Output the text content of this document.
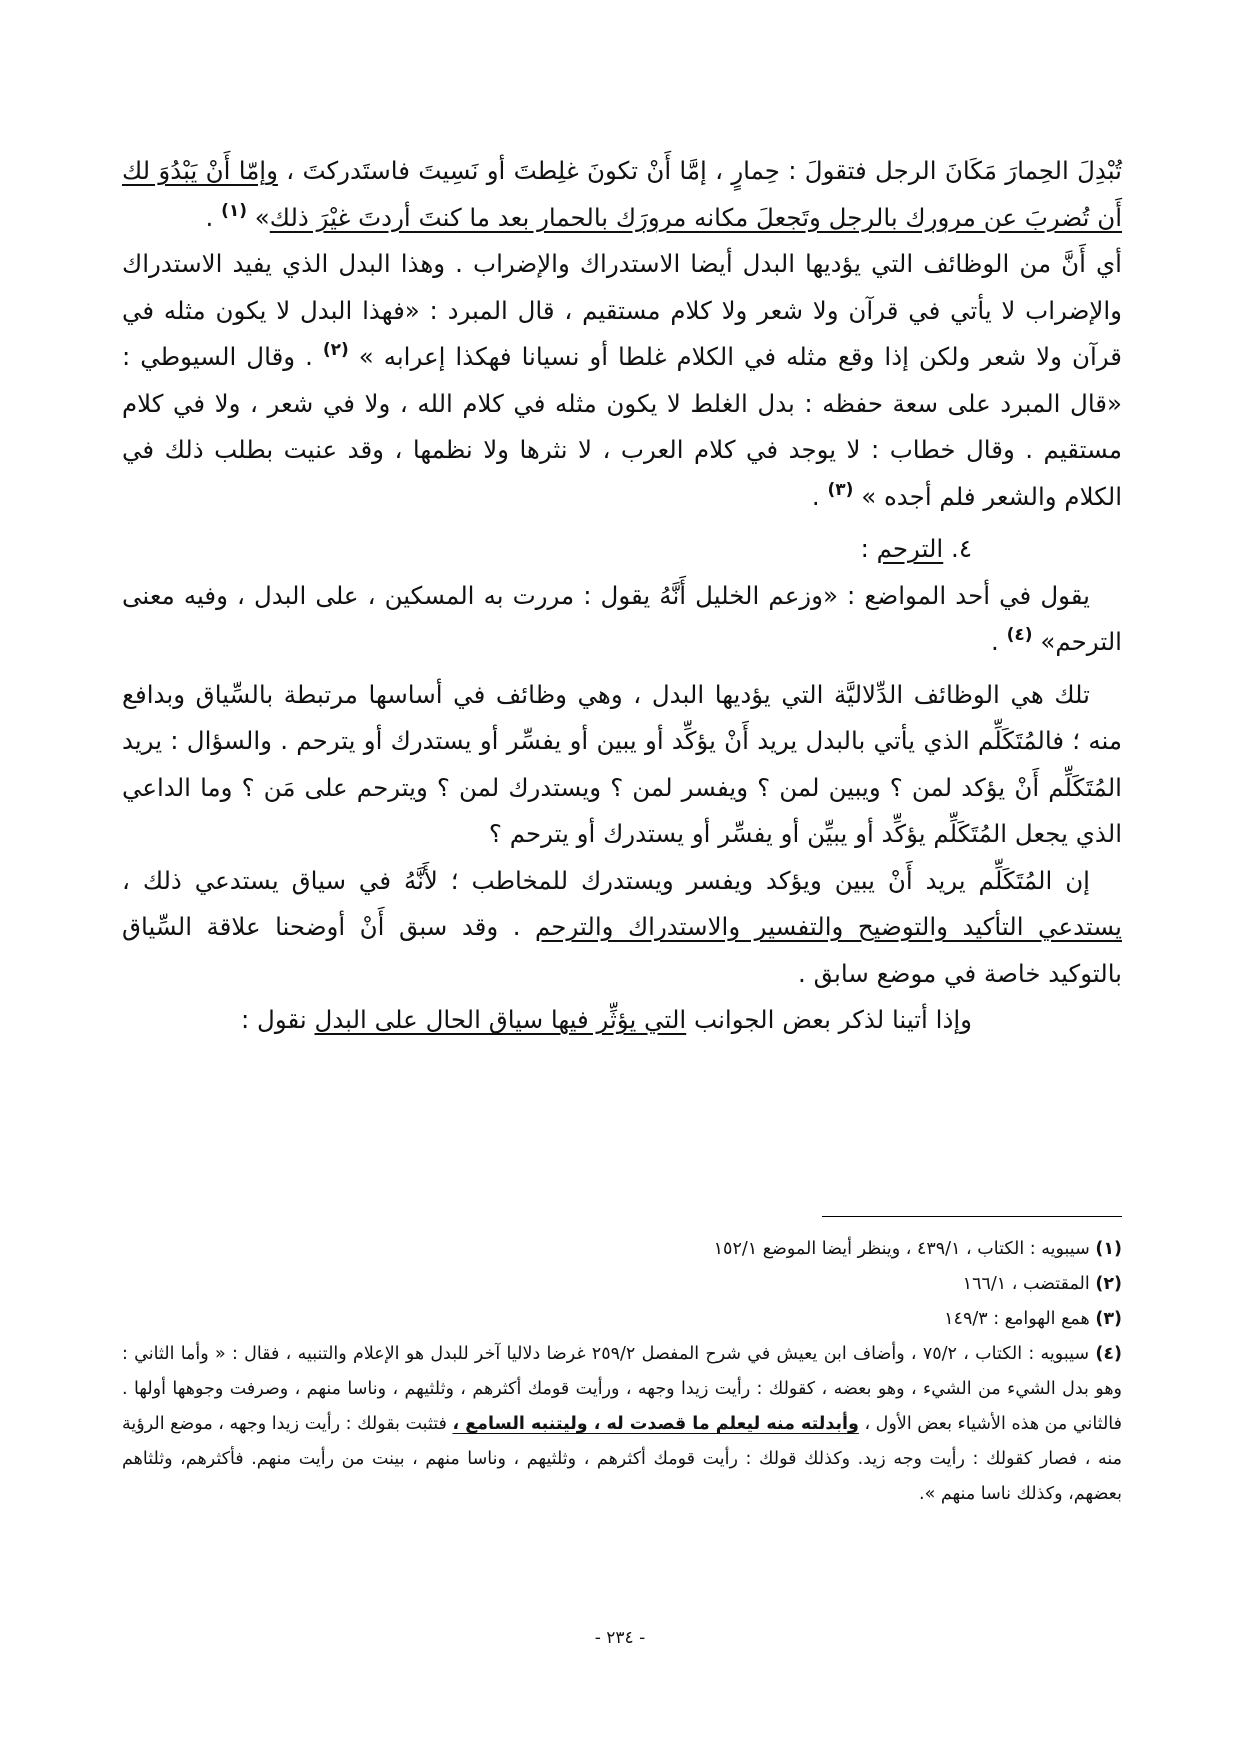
تُبْدِلَ الحِمارَ مَكَانَ الرجل فتقولَ : حِمارٍ ، إمَّا أَنْ تكونَ غلِطتَ أو نَسِيتَ فاستَدركتَ ، وإمّا أَنْ يَبْدُوَ لك أَن تُضربَ عن مرورك بالرجل وتَجعلَ مكانه مرورَك بالحمار بعد ما كنتَ أردتَ غيْرَ ذلك» $^{(١)}$ .

أي أَنَّ من الوظائف التي يؤديها البدل أيضا الاستدراك والإضراب . وهذا البدل الذي يفيد الاستدراك والإضراب لا يأتي في قرآن ولا شعر ولا كلام مستقيم ، قال المبرد : «فهذا البدل لا يكون مثله في قرآن ولا شعر ولكن إذا وقع مثله في الكلام غلطا أو نسيانا فهكذا إعرابه » $^{(٢)}$ . وقال السيوطي : «قال المبرد على سعة حفظه : بدل الغلط لا يكون مثله في كلام الله ، ولا في شعر ، ولا في كلام مستقيم . وقال خطاب : لا يوجد في كلام العرب ، لا نثرها ولا نظمها ، وقد عنيت بطلب ذلك في الكلام والشعر فلم أجده » $^{(٣)}$ .

٤. الترحم :

يقول في أحد المواضع : «وزعم الخليل أَنَّهُ يقول : مررت به المسكين ، على البدل ، وفيه معنى الترحم» $^{(٤)}$ .

تلك هي الوظائف الدِّلاليَّة التي يؤديها البدل ، وهي وظائف في أساسها مرتبطة بالسِّياق وبدافع منه ؛ فالمُتَكَلِّم الذي يأتي بالبدل يريد أَنْ يؤكِّد أو يبين أو يفسِّر أو يستدرك أو يترحم . والسؤال : يريد المُتَكَلِّم أَنْ يؤكد لمن ؟ ويبين لمن ؟ ويفسر لمن ؟ ويستدرك لمن ؟ ويترحم على مَن ؟ وما الداعي الذي يجعل المُتَكَلِّم يؤكِّد أو يبيِّن أو يفسِّر أو يستدرك أو يترحم ؟

إن المُتَكَلِّم يريد أَنْ يبين ويؤكد ويفسر ويستدرك للمخاطب ؛ لأَنَّهُ في سياق يستدعي ذلك ، يستدعي التأكيد والتوضيح والتفسير والاستدراك والترحم . وقد سبق أَنْ أوضحنا علاقة السِّياق بالتوكيد خاصة في موضع سابق .

وإذا أتينا لذكر بعض الجوانب التي يؤثِّر فيها سياق الحال على البدل نقول :

(١) سيبويه : الكتاب ، ٤٣٩/١ ، وينظر أيضا الموضع ١٥٢/١

(٢) المقتضب ، ١٦٦/١

(٣) همع الهوامع : ١٤٩/٣

(٤) سيبويه : الكتاب ، ٧٥/٢ ، وأضاف ابن يعيش في شرح المفصل ٢٥٩/٢ غرضا دلاليا آخر للبدل هو الإعلام والتنبيه ، فقال : « وأما الثاني : وهو بدل الشيء من الشيء ، وهو بعضه ، كقولك : رأيت زيدا وجهه ، ورأيت قومك أكثرهم ، وثلثيهم ، وناسا منهم ، وصرفت وجوهها أولها . فالثاني من هذه الأشياء بعض الأول ، وأبدلته منه ليعلم ما قصدت له ، وليتنبه السامع ، فتثبت بقولك : رأيت زيدا وجهه ، موضع الرؤية منه ، فصار كقولك : رأيت وجه زيد. وكذلك قولك : رأيت قومك أكثرهم ، وثلثيهم ، وناسا منهم ، بينت من رأيت منهم. فأكثرهم، وثلثاهم بعضهم، وكذلك ناسا منهم ».

- ٢٣٤ -
